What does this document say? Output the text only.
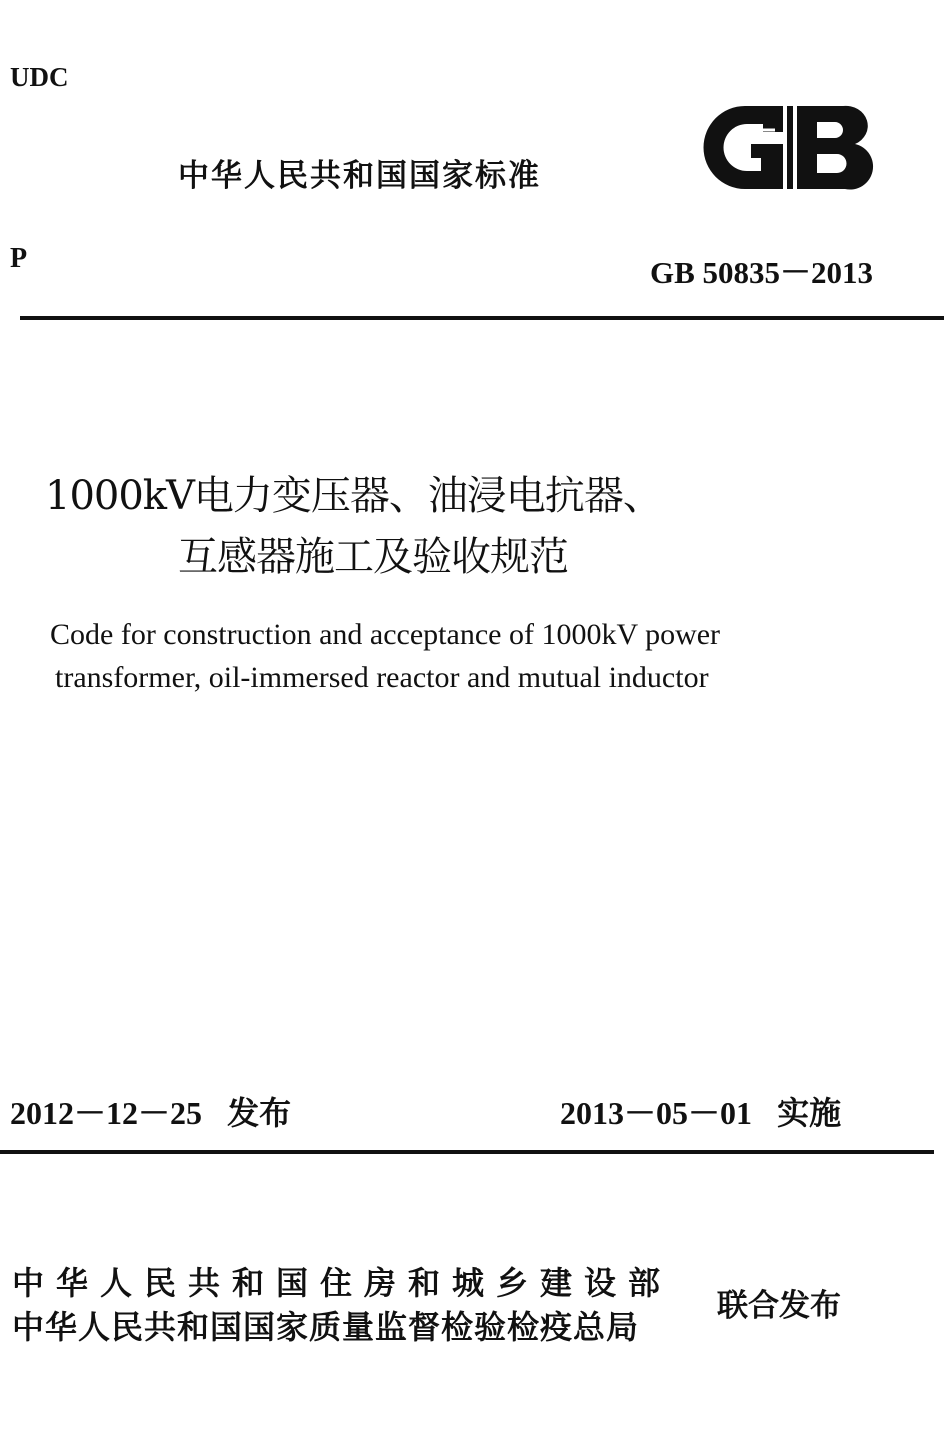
UDC
中华人民共和国国家标准
P	GB 50835－2013
1000kV电力变压器、油浸电抗器、
互感器施工及验收规范
Code for construction and acceptance of 1000kV power
transformer, oil-immersed reactor and mutual inductor
2012－12－25 发布	2013－05－01 实施
中华人民共和国住房和城乡建设部
中华人民共和国国家质量监督检验检疫总局
联合发布
